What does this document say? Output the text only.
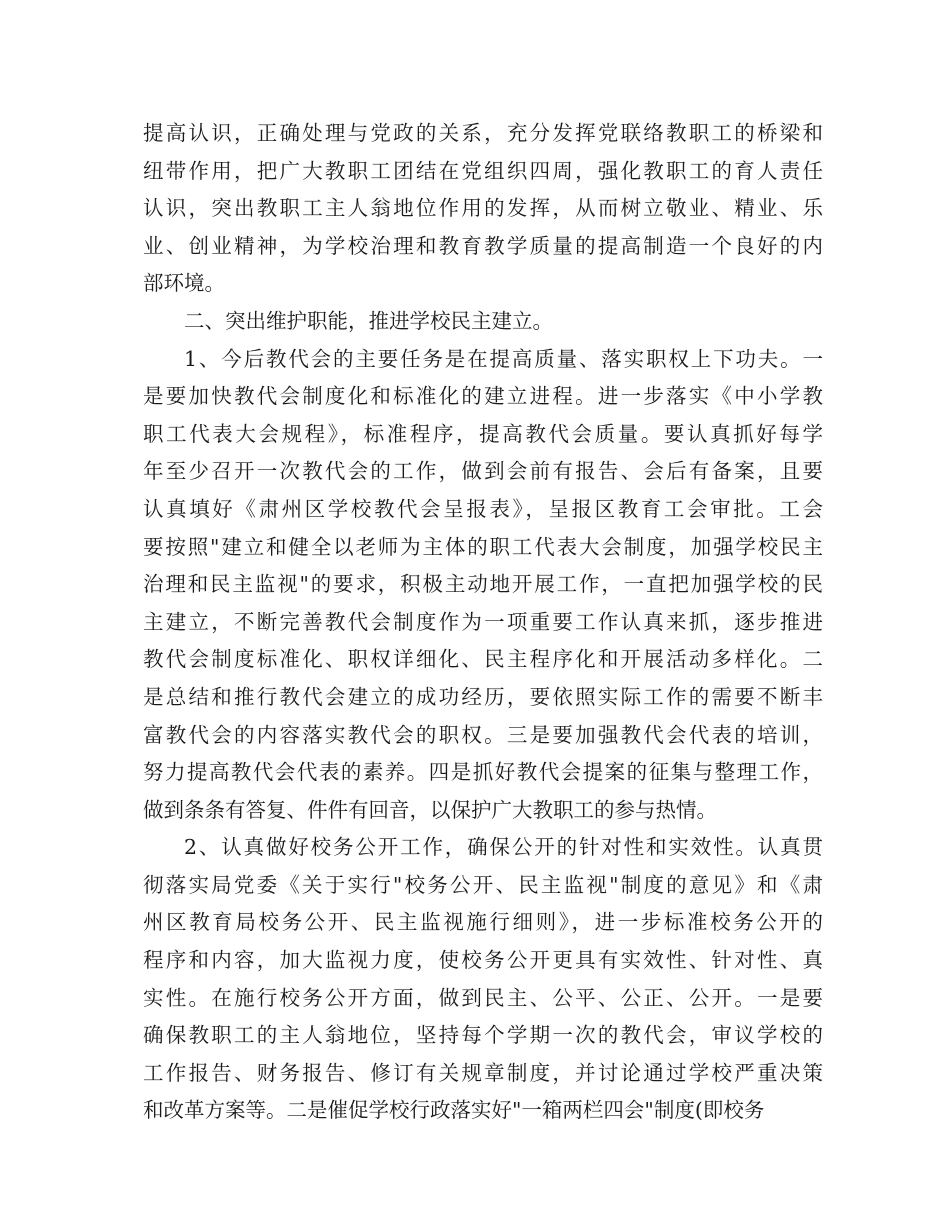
提高认识，正确处理与党政的关系，充分发挥党联络教职工的桥梁和
纽带作用，把广大教职工团结在党组织四周，强化教职工的育人责任
认识，突出教职工主人翁地位作用的发挥，从而树立敬业、精业、乐
业、创业精神，为学校治理和教育教学质量的提高制造一个良好的内
部环境。
二、突出维护职能，推进学校民主建立。
1、今后教代会的主要任务是在提高质量、落实职权上下功夫。一
是要加快教代会制度化和标准化的建立进程。进一步落实《中小学教
职工代表大会规程》，标准程序，提高教代会质量。要认真抓好每学
年至少召开一次教代会的工作，做到会前有报告、会后有备案，且要
认真填好《肃州区学校教代会呈报表》，呈报区教育工会审批。工会
要按照"建立和健全以老师为主体的职工代表大会制度，加强学校民主
治理和民主监视"的要求，积极主动地开展工作，一直把加强学校的民
主建立，不断完善教代会制度作为一项重要工作认真来抓，逐步推进
教代会制度标准化、职权详细化、民主程序化和开展活动多样化。二
是总结和推行教代会建立的成功经历，要依照实际工作的需要不断丰
富教代会的内容落实教代会的职权。三是要加强教代会代表的培训，
努力提高教代会代表的素养。四是抓好教代会提案的征集与整理工作，
做到条条有答复、件件有回音，以保护广大教职工的参与热情。
2、认真做好校务公开工作，确保公开的针对性和实效性。认真贯
彻落实局党委《关于实行"校务公开、民主监视"制度的意见》和《肃
州区教育局校务公开、民主监视施行细则》，进一步标准校务公开的
程序和内容，加大监视力度，使校务公开更具有实效性、针对性、真
实性。在施行校务公开方面，做到民主、公平、公正、公开。一是要
确保教职工的主人翁地位，坚持每个学期一次的教代会，审议学校的
工作报告、财务报告、修订有关规章制度，并讨论通过学校严重决策
和改革方案等。二是催促学校行政落实好"一箱两栏四会"制度(即校务
